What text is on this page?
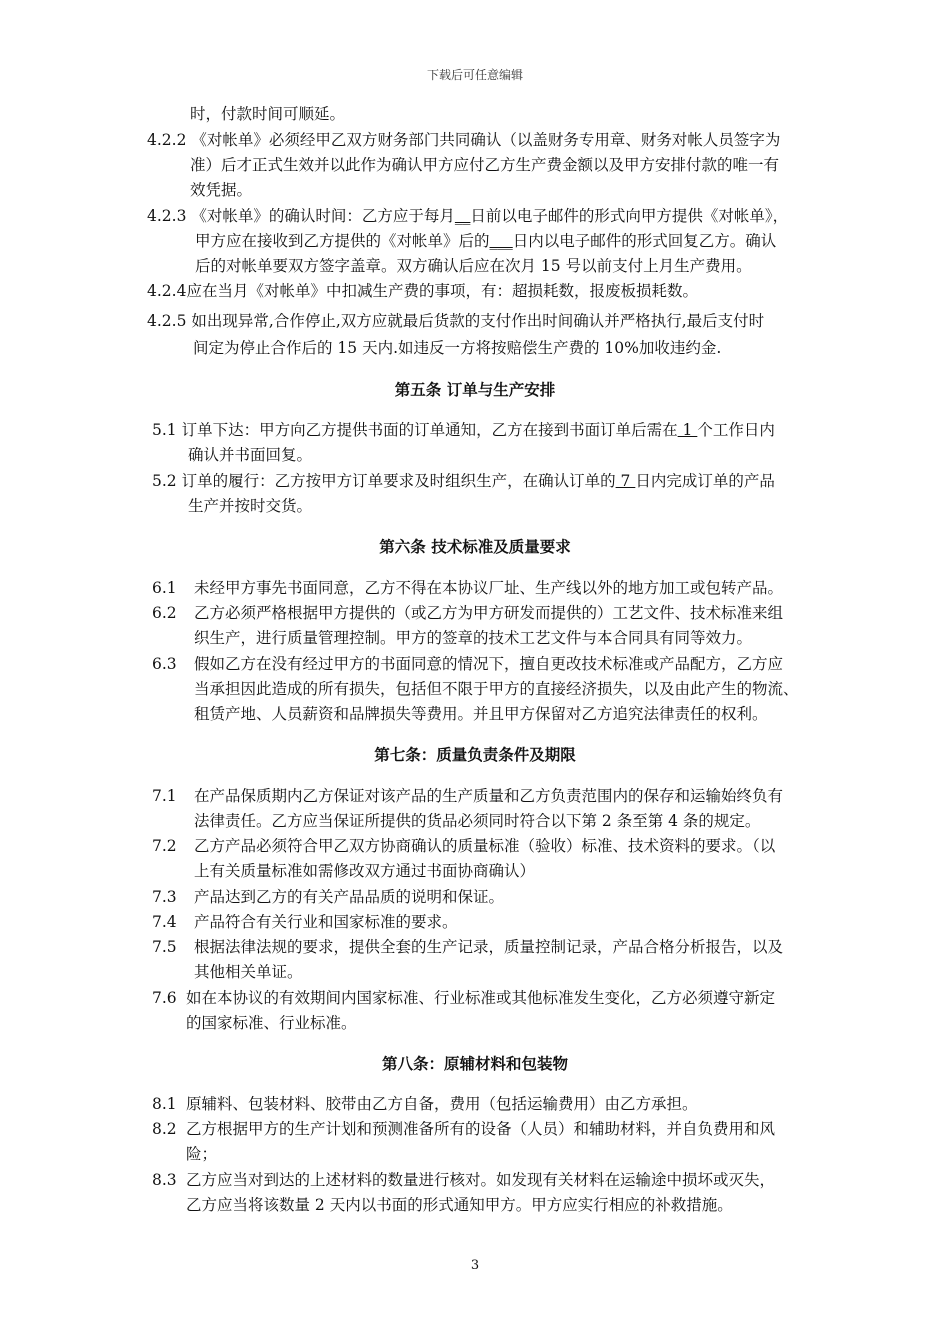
下载后可任意编辑
时，付款时间可顺延。
4.2.2 《对帐单》必须经甲乙双方财务部门共同确认（以盖财务专用章、财务对帐人员签字为
准）后才正式生效并以此作为确认甲方应付乙方生产费金额以及甲方安排付款的唯一有
效凭据。
4.2.3 《对帐单》的确认时间：乙方应于每月__日前以电子邮件的形式向甲方提供《对帐单》，
甲方应在接收到乙方提供的《对帐单》后的___日内以电子邮件的形式回复乙方。确认
后的对帐单要双方签字盖章。双方确认后应在次月 15 号以前支付上月生产费用。
4.2.4应在当月《对帐单》中扣减生产费的事项，有：超损耗数，报废板损耗数。
4.2.5 如出现异常,合作停止,双方应就最后货款的支付作出时间确认并严格执行,最后支付时
间定为停止合作后的 15 天内.如违反一方将按赔偿生产费的 10%加收违约金.
第五条 订单与生产安排
5.1 订单下达：甲方向乙方提供书面的订单通知，乙方在接到书面订单后需在 1 个工作日内
确认并书面回复。
5.2 订单的履行：乙方按甲方订单要求及时组织生产，在确认订单的 7 日内完成订单的产品
生产并按时交货。
第六条 技术标准及质量要求
6.1 未经甲方事先书面同意，乙方不得在本协议厂址、生产线以外的地方加工或包转产品。
6.2 乙方必须严格根据甲方提供的（或乙方为甲方研发而提供的）工艺文件、技术标准来组
织生产，进行质量管理控制。甲方的签章的技术工艺文件与本合同具有同等效力。
6.3 假如乙方在没有经过甲方的书面同意的情况下，擅自更改技术标准或产品配方，乙方应
当承担因此造成的所有损失，包括但不限于甲方的直接经济损失，以及由此产生的物流、
租赁产地、人员薪资和品牌损失等费用。并且甲方保留对乙方追究法律责任的权利。
第七条：质量负责条件及期限
7.1 在产品保质期内乙方保证对该产品的生产质量和乙方负责范围内的保存和运输始终负有
法律责任。乙方应当保证所提供的货品必须同时符合以下第 2 条至第 4 条的规定。
7.2 乙方产品必须符合甲乙双方协商确认的质量标准（验收）标准、技术资料的要求。（以
上有关质量标准如需修改双方通过书面协商确认）
7.3 产品达到乙方的有关产品品质的说明和保证。
7.4 产品符合有关行业和国家标准的要求。
7.5 根据法律法规的要求，提供全套的生产记录，质量控制记录，产品合格分析报告，以及
其他相关单证。
7.6 如在本协议的有效期间内国家标准、行业标准或其他标准发生变化，乙方必须遵守新定
的国家标准、行业标准。
第八条：原辅材料和包装物
8.1 原辅料、包装材料、胶带由乙方自备，费用（包括运输费用）由乙方承担。
8.2 乙方根据甲方的生产计划和预测准备所有的设备（人员）和辅助材料，并自负费用和风
险；
8.3 乙方应当对到达的上述材料的数量进行核对。如发现有关材料在运输途中损坏或灭失，
乙方应当将该数量 2 天内以书面的形式通知甲方。甲方应实行相应的补救措施。
3
